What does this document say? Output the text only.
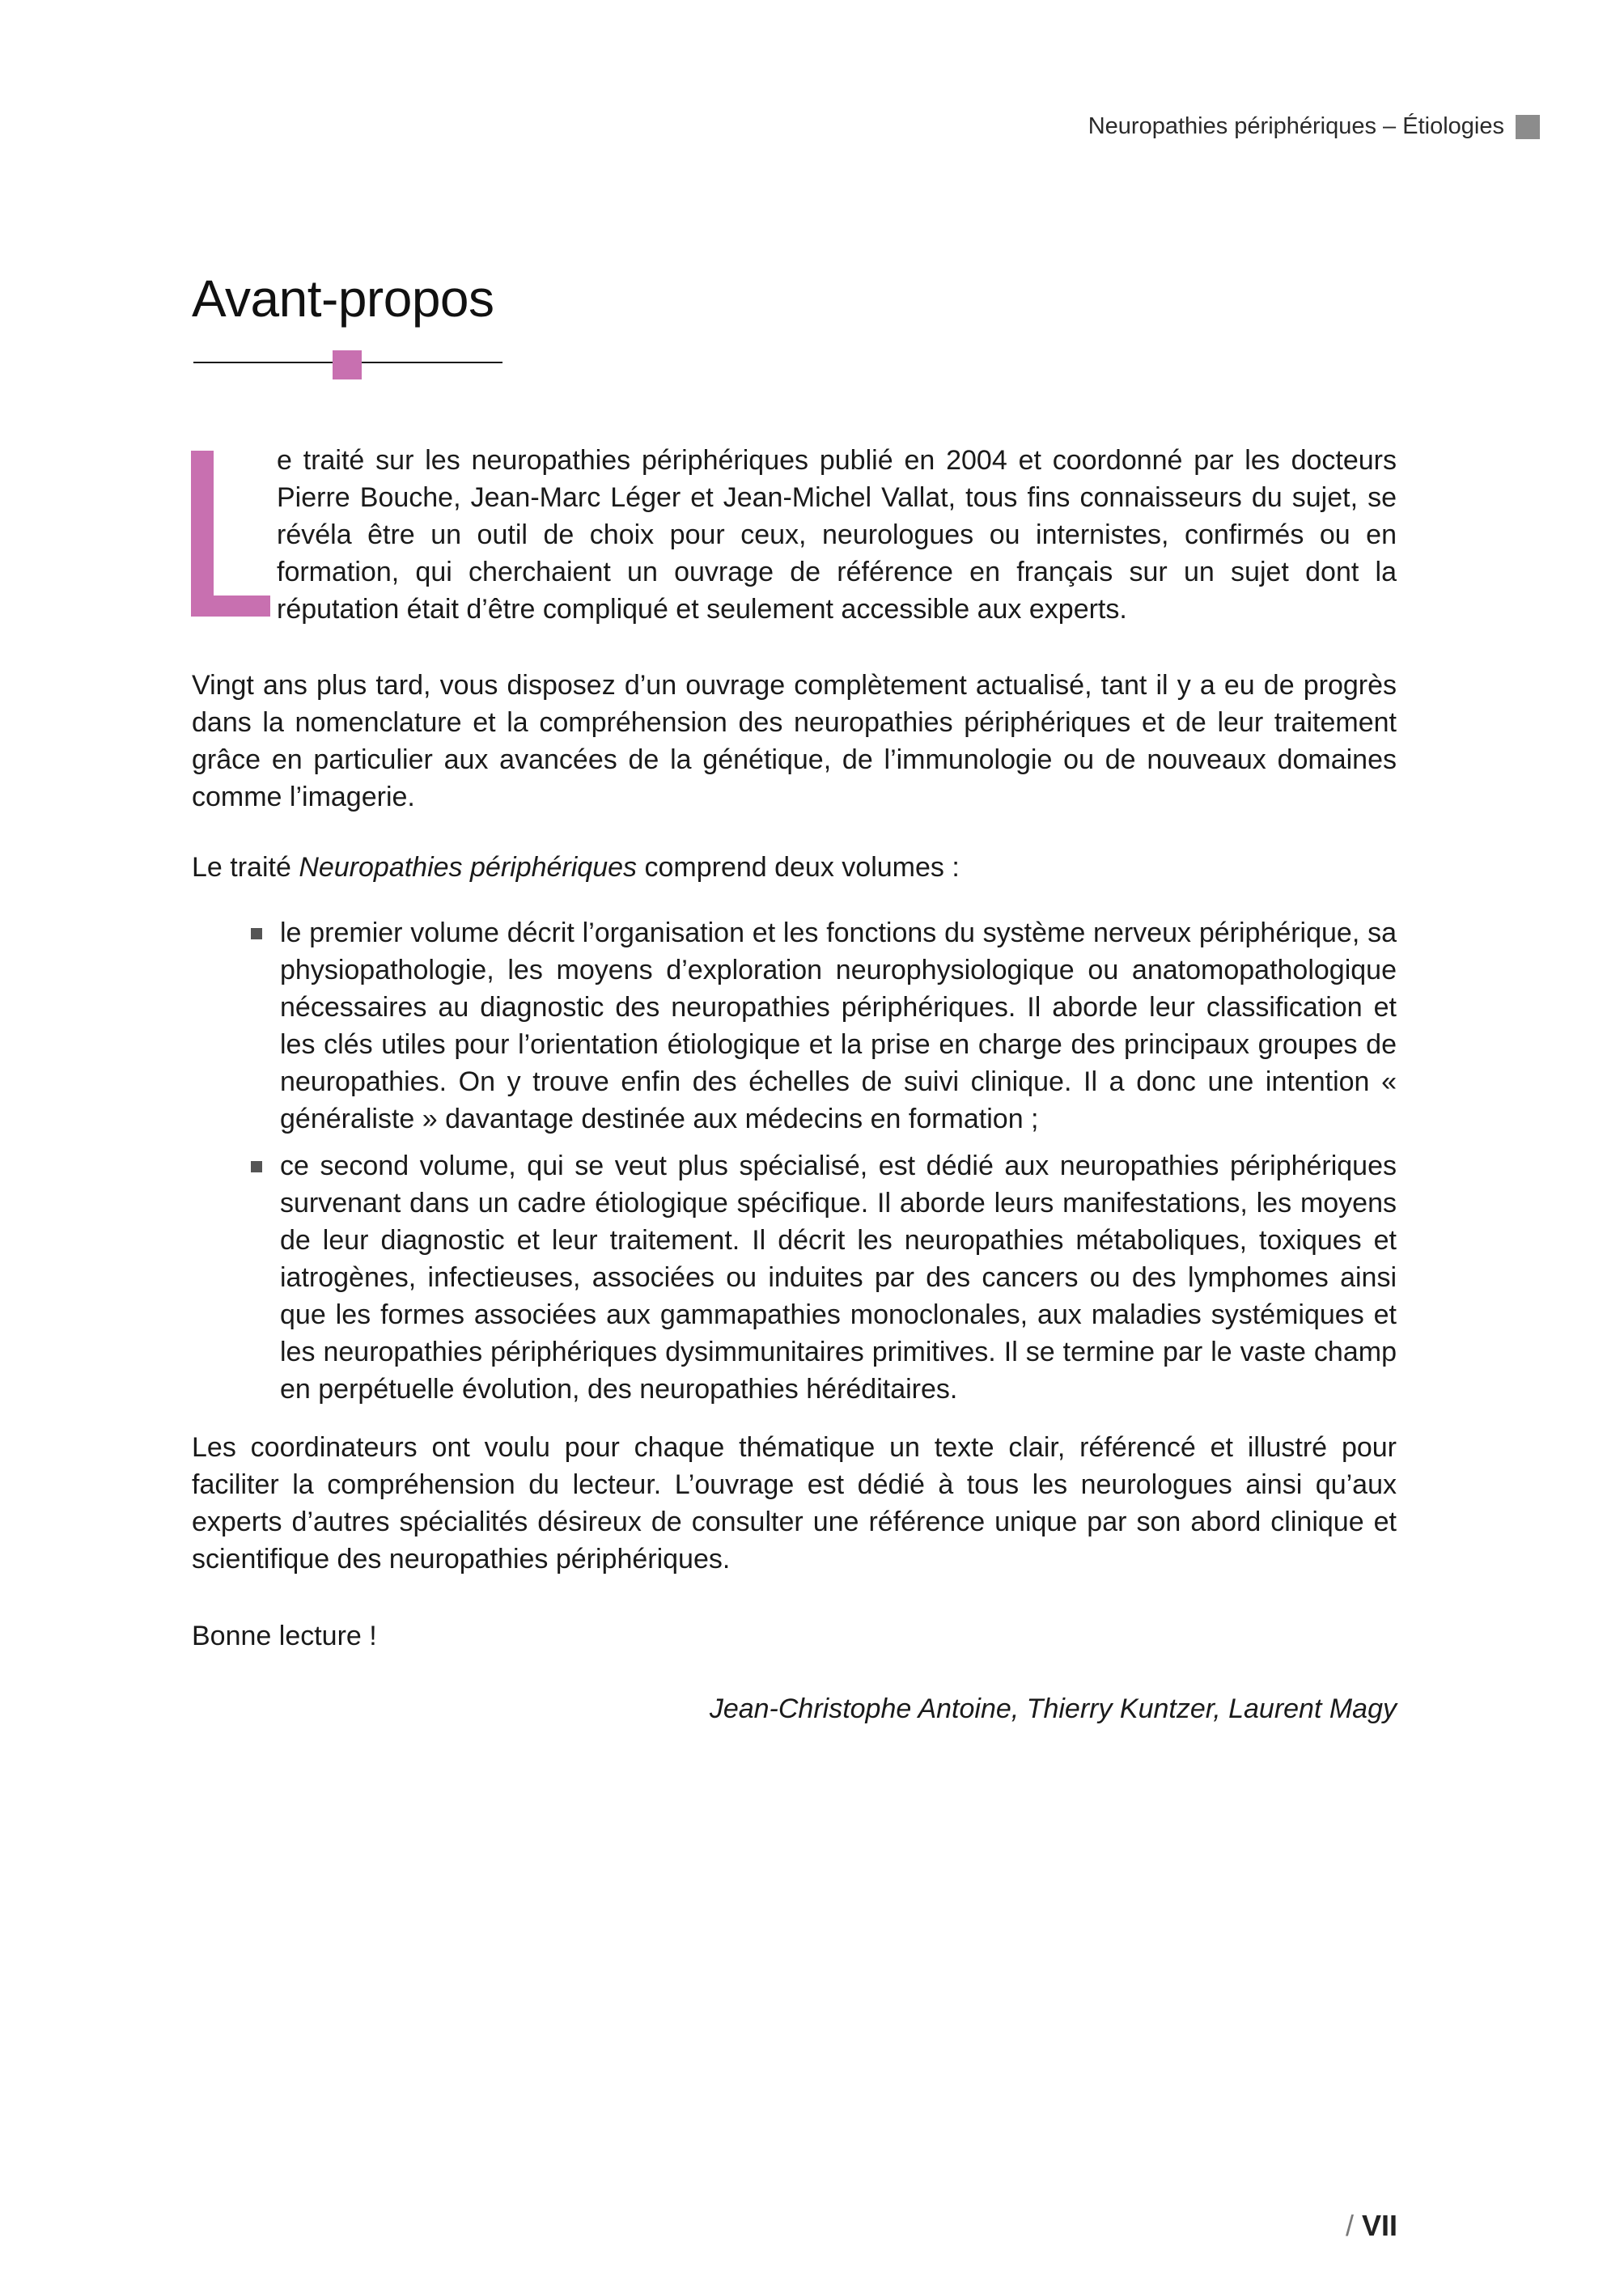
Neuropathies périphériques – Étiologies
Avant-propos

e traité sur les neuropathies périphériques publié en 2004 et coordonné par les docteurs Pierre Bouche, Jean-Marc Léger et Jean-Michel Vallat, tous fins connaisseurs du sujet, se révéla être un outil de choix pour ceux, neurologues ou internistes, confirmés ou en formation, qui cherchaient un ouvrage de référence en français sur un sujet dont la réputation était d’être compliqué et seulement accessible aux experts.

Vingt ans plus tard, vous disposez d’un ouvrage complètement actualisé, tant il y a eu de progrès dans la nomenclature et la compréhension des neuropathies périphériques et de leur traitement grâce en particulier aux avancées de la génétique, de l’immunologie ou de nouveaux domaines comme l’imagerie.

Le traité Neuropathies périphériques comprend deux volumes :

le premier volume décrit l’organisation et les fonctions du système nerveux périphérique, sa physiopathologie, les moyens d’exploration neurophysiologique ou anatomopathologique nécessaires au diagnostic des neuropathies périphériques. Il aborde leur classification et les clés utiles pour l’orientation étiologique et la prise en charge des principaux groupes de neuropathies. On y trouve enfin des échelles de suivi clinique. Il a donc une intention « généraliste » davantage destinée aux médecins en formation ;
ce second volume, qui se veut plus spécialisé, est dédié aux neuropathies périphériques survenant dans un cadre étiologique spécifique. Il aborde leurs manifestations, les moyens de leur diagnostic et leur traitement. Il décrit les neuropathies métaboliques, toxiques et iatrogènes, infectieuses, associées ou induites par des cancers ou des lymphomes ainsi que les formes associées aux gammapathies monoclonales, aux maladies systémiques et les neuropathies périphériques dysimmunitaires primitives. Il se termine par le vaste champ en perpétuelle évolution, des neuropathies héréditaires.

Les coordinateurs ont voulu pour chaque thématique un texte clair, référencé et illustré pour faciliter la compréhension du lecteur. L’ouvrage est dédié à tous les neurologues ainsi qu’aux experts d’autres spécialités désireux de consulter une référence unique par son abord clinique et scientifique des neuropathies périphériques.

Bonne lecture !

Jean-Christophe Antoine, Thierry Kuntzer, Laurent Magy
/ VII
